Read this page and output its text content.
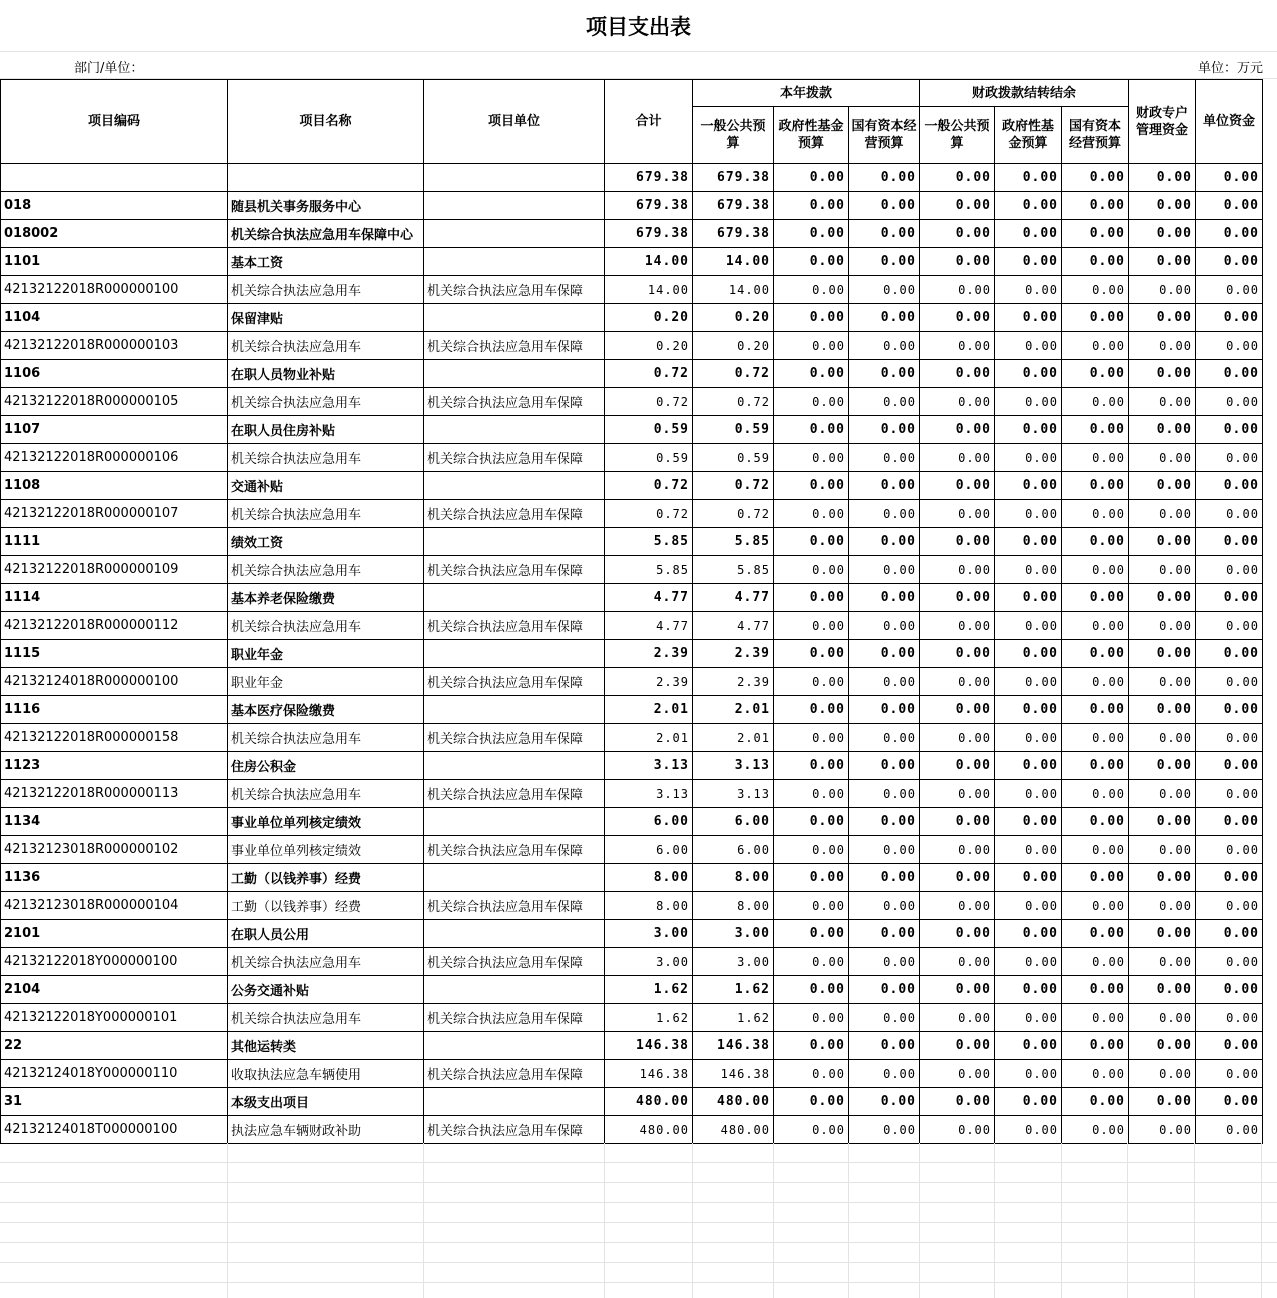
项目支出表
部门/单位：	单位：万元
项目编码	项目名称	项目单位	合计	本年拨款			财政拨款结转结余			财政专户管理资金	单位资金
				一般公共预算	政府性基金预算	国有资本经营预算	一般公共预算	政府性基金预算	国有资本经营预算		
			679.38	679.38	0.00	0.00	0.00	0.00	0.00	0.00	0.00
018	随县机关事务服务中心		679.38	679.38	0.00	0.00	0.00	0.00	0.00	0.00	0.00
018002	机关综合执法应急用车保障中心		679.38	679.38	0.00	0.00	0.00	0.00	0.00	0.00	0.00
1101	基本工资		14.00	14.00	0.00	0.00	0.00	0.00	0.00	0.00	0.00
42132122018R000000100	机关综合执法应急用车	机关综合执法应急用车保障	14.00	14.00	0.00	0.00	0.00	0.00	0.00	0.00	0.00
1104	保留津贴		0.20	0.20	0.00	0.00	0.00	0.00	0.00	0.00	0.00
42132122018R000000103	机关综合执法应急用车	机关综合执法应急用车保障	0.20	0.20	0.00	0.00	0.00	0.00	0.00	0.00	0.00
1106	在职人员物业补贴		0.72	0.72	0.00	0.00	0.00	0.00	0.00	0.00	0.00
42132122018R000000105	机关综合执法应急用车	机关综合执法应急用车保障	0.72	0.72	0.00	0.00	0.00	0.00	0.00	0.00	0.00
1107	在职人员住房补贴		0.59	0.59	0.00	0.00	0.00	0.00	0.00	0.00	0.00
42132122018R000000106	机关综合执法应急用车	机关综合执法应急用车保障	0.59	0.59	0.00	0.00	0.00	0.00	0.00	0.00	0.00
1108	交通补贴		0.72	0.72	0.00	0.00	0.00	0.00	0.00	0.00	0.00
42132122018R000000107	机关综合执法应急用车	机关综合执法应急用车保障	0.72	0.72	0.00	0.00	0.00	0.00	0.00	0.00	0.00
1111	绩效工资		5.85	5.85	0.00	0.00	0.00	0.00	0.00	0.00	0.00
42132122018R000000109	机关综合执法应急用车	机关综合执法应急用车保障	5.85	5.85	0.00	0.00	0.00	0.00	0.00	0.00	0.00
1114	基本养老保险缴费		4.77	4.77	0.00	0.00	0.00	0.00	0.00	0.00	0.00
42132122018R000000112	机关综合执法应急用车	机关综合执法应急用车保障	4.77	4.77	0.00	0.00	0.00	0.00	0.00	0.00	0.00
1115	职业年金		2.39	2.39	0.00	0.00	0.00	0.00	0.00	0.00	0.00
42132124018R000000100	职业年金	机关综合执法应急用车保障	2.39	2.39	0.00	0.00	0.00	0.00	0.00	0.00	0.00
1116	基本医疗保险缴费		2.01	2.01	0.00	0.00	0.00	0.00	0.00	0.00	0.00
42132122018R000000158	机关综合执法应急用车	机关综合执法应急用车保障	2.01	2.01	0.00	0.00	0.00	0.00	0.00	0.00	0.00
1123	住房公积金		3.13	3.13	0.00	0.00	0.00	0.00	0.00	0.00	0.00
42132122018R000000113	机关综合执法应急用车	机关综合执法应急用车保障	3.13	3.13	0.00	0.00	0.00	0.00	0.00	0.00	0.00
1134	事业单位单列核定绩效		6.00	6.00	0.00	0.00	0.00	0.00	0.00	0.00	0.00
42132123018R000000102	事业单位单列核定绩效	机关综合执法应急用车保障	6.00	6.00	0.00	0.00	0.00	0.00	0.00	0.00	0.00
1136	工勤（以钱养事）经费		8.00	8.00	0.00	0.00	0.00	0.00	0.00	0.00	0.00
42132123018R000000104	工勤（以钱养事）经费	机关综合执法应急用车保障	8.00	8.00	0.00	0.00	0.00	0.00	0.00	0.00	0.00
2101	在职人员公用		3.00	3.00	0.00	0.00	0.00	0.00	0.00	0.00	0.00
42132122018Y000000100	机关综合执法应急用车	机关综合执法应急用车保障	3.00	3.00	0.00	0.00	0.00	0.00	0.00	0.00	0.00
2104	公务交通补贴		1.62	1.62	0.00	0.00	0.00	0.00	0.00	0.00	0.00
42132122018Y000000101	机关综合执法应急用车	机关综合执法应急用车保障	1.62	1.62	0.00	0.00	0.00	0.00	0.00	0.00	0.00
22	其他运转类		146.38	146.38	0.00	0.00	0.00	0.00	0.00	0.00	0.00
42132124018Y000000110	收取执法应急车辆使用	机关综合执法应急用车保障	146.38	146.38	0.00	0.00	0.00	0.00	0.00	0.00	0.00
31	本级支出项目		480.00	480.00	0.00	0.00	0.00	0.00	0.00	0.00	0.00
42132124018T000000100	执法应急车辆财政补助	机关综合执法应急用车保障	480.00	480.00	0.00	0.00	0.00	0.00	0.00	0.00	0.00
